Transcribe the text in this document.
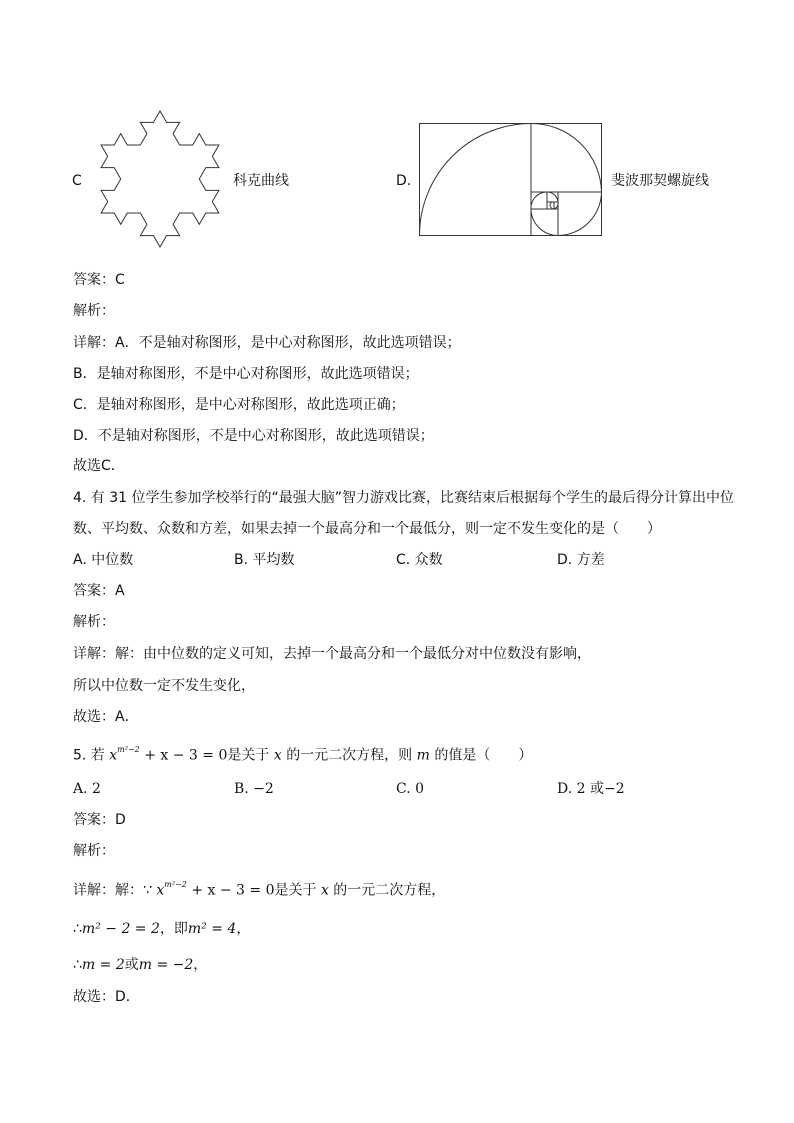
C	科克曲线	D.	斐波那契螺旋线
答案：C
解析：
详解：A．不是轴对称图形，是中心对称图形，故此选项错误；
B．是轴对称图形，不是中心对称图形，故此选项错误；
C．是轴对称图形，是中心对称图形，故此选项正确；
D．不是轴对称图形，不是中心对称图形，故此选项错误；
故选C．
4. 有 31 位学生参加学校举行的“最强大脑”智力游戏比赛，比赛结束后根据每个学生的最后得分计算出中位
数、平均数、众数和方差，如果去掉一个最高分和一个最低分，则一定不发生变化的是（　　）
A. 中位数	B. 平均数	C. 众数	D. 方差
答案：A
解析：
详解：解：由中位数的定义可知，去掉一个最高分和一个最低分对中位数没有影响，
所以中位数一定不发生变化，
故选：A．
5. 若 $x^{m^2-2} + x - 3 = 0$是关于 x 的一元二次方程，则 m 的值是（　　）
A. 2	B. −2	C. 0	D. 2 或−2
答案：D
解析：
详解：解：∵ $x^{m^2-2} + x - 3 = 0$是关于 x 的一元二次方程，
∴m² − 2 = 2，即m² = 4，
∴m = 2或m = −2，
故选：D．
